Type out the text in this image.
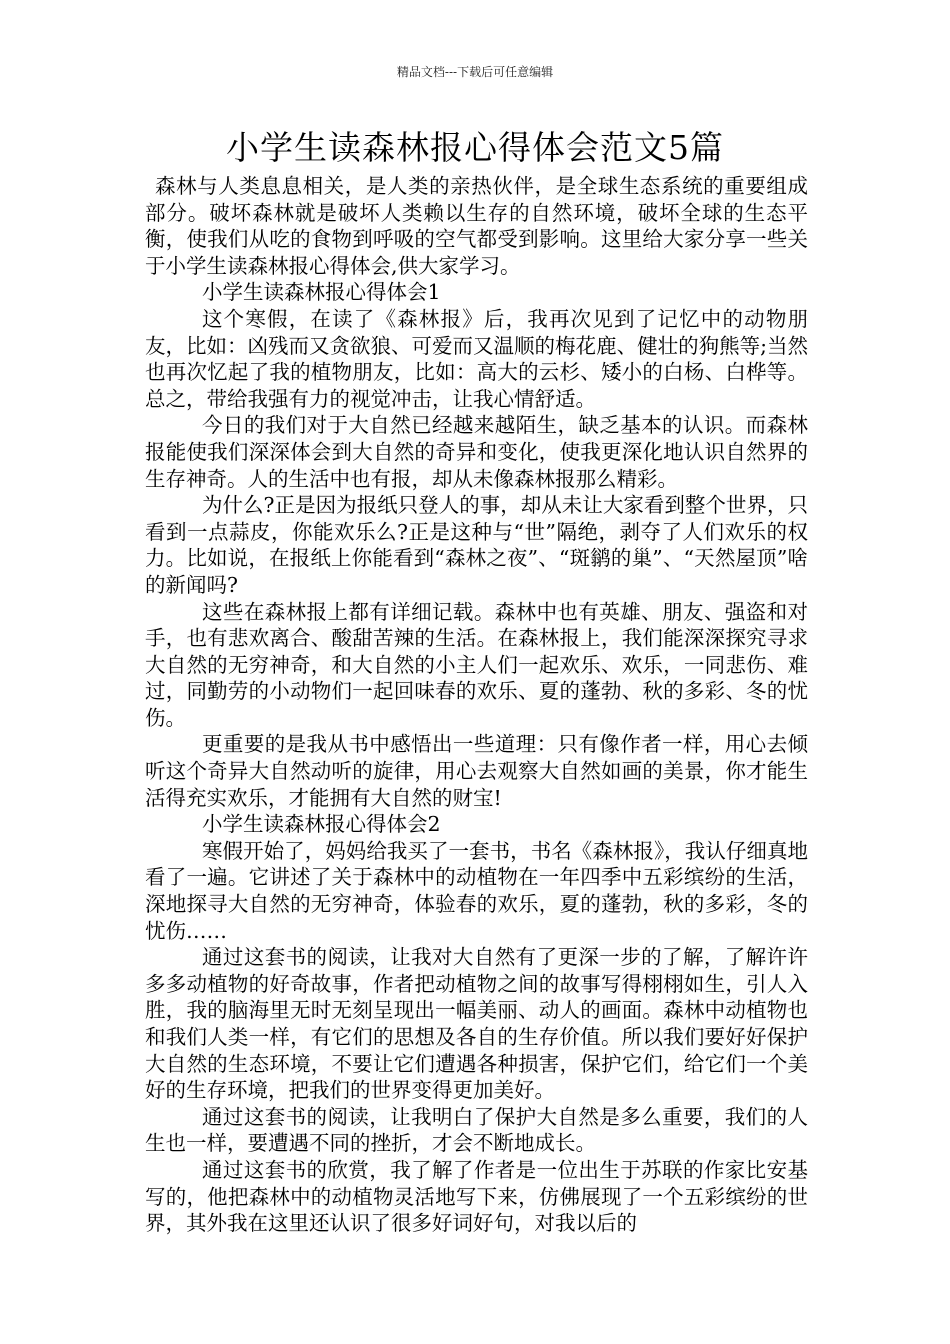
精品文档---下载后可任意编辑
小学生读森林报心得体会范文5篇

森林与人类息息相关，是人类的亲热伙伴，是全球生态系统的重要组成部分。破坏森林就是破坏人类赖以生存的自然环境，破坏全球的生态平衡，使我们从吃的食物到呼吸的空气都受到影响。这里给大家分享一些关于小学生读森林报心得体会,供大家学习。

小学生读森林报心得体会1

这个寒假，在读了《森林报》后，我再次见到了记忆中的动物朋友，比如：凶残而又贪欲狼、可爱而又温顺的梅花鹿、健壮的狗熊等;当然也再次忆起了我的植物朋友，比如：高大的云杉、矮小的白杨、白桦等。总之，带给我强有力的视觉冲击，让我心情舒适。

今日的我们对于大自然已经越来越陌生，缺乏基本的认识。而森林报能使我们深深体会到大自然的奇异和变化，使我更深化地认识自然界的生存神奇。人的生活中也有报，却从未像森林报那么精彩。

为什么?正是因为报纸只登人的事，却从未让大家看到整个世界，只看到一点蒜皮，你能欢乐么?正是这种与“世”隔绝，剥夺了人们欢乐的权力。比如说，在报纸上你能看到“森林之夜”、“斑鹟的巢”、“天然屋顶”啥的新闻吗?

这些在森林报上都有详细记载。森林中也有英雄、朋友、强盗和对手，也有悲欢离合、酸甜苦辣的生活。在森林报上，我们能深深探究寻求大自然的无穷神奇，和大自然的小主人们一起欢乐、欢乐，一同悲伤、难过，同勤劳的小动物们一起回味春的欢乐、夏的蓬勃、秋的多彩、冬的忧伤。

更重要的是我从书中感悟出一些道理：只有像作者一样，用心去倾听这个奇异大自然动听的旋律，用心去观察大自然如画的美景，你才能生活得充实欢乐，才能拥有大自然的财宝!

小学生读森林报心得体会2

寒假开始了，妈妈给我买了一套书，书名《森林报》，我认仔细真地看了一遍。它讲述了关于森林中的动植物在一年四季中五彩缤纷的生活，深地探寻大自然的无穷神奇，体验春的欢乐，夏的蓬勃，秋的多彩，冬的忧伤……

通过这套书的阅读，让我对大自然有了更深一步的了解，了解许许多多动植物的好奇故事，作者把动植物之间的故事写得栩栩如生，引人入胜，我的脑海里无时无刻呈现出一幅美丽、动人的画面。森林中动植物也和我们人类一样，有它们的思想及各自的生存价值。所以我们要好好保护大自然的生态环境，不要让它们遭遇各种损害，保护它们，给它们一个美好的生存环境，把我们的世界变得更加美好。

通过这套书的阅读，让我明白了保护大自然是多么重要，我们的人生也一样，要遭遇不同的挫折，才会不断地成长。

通过这套书的欣赏，我了解了作者是一位出生于苏联的作家比安基写的，他把森林中的动植物灵活地写下来，仿佛展现了一个五彩缤纷的世界，其外我在这里还认识了很多好词好句，对我以后的
